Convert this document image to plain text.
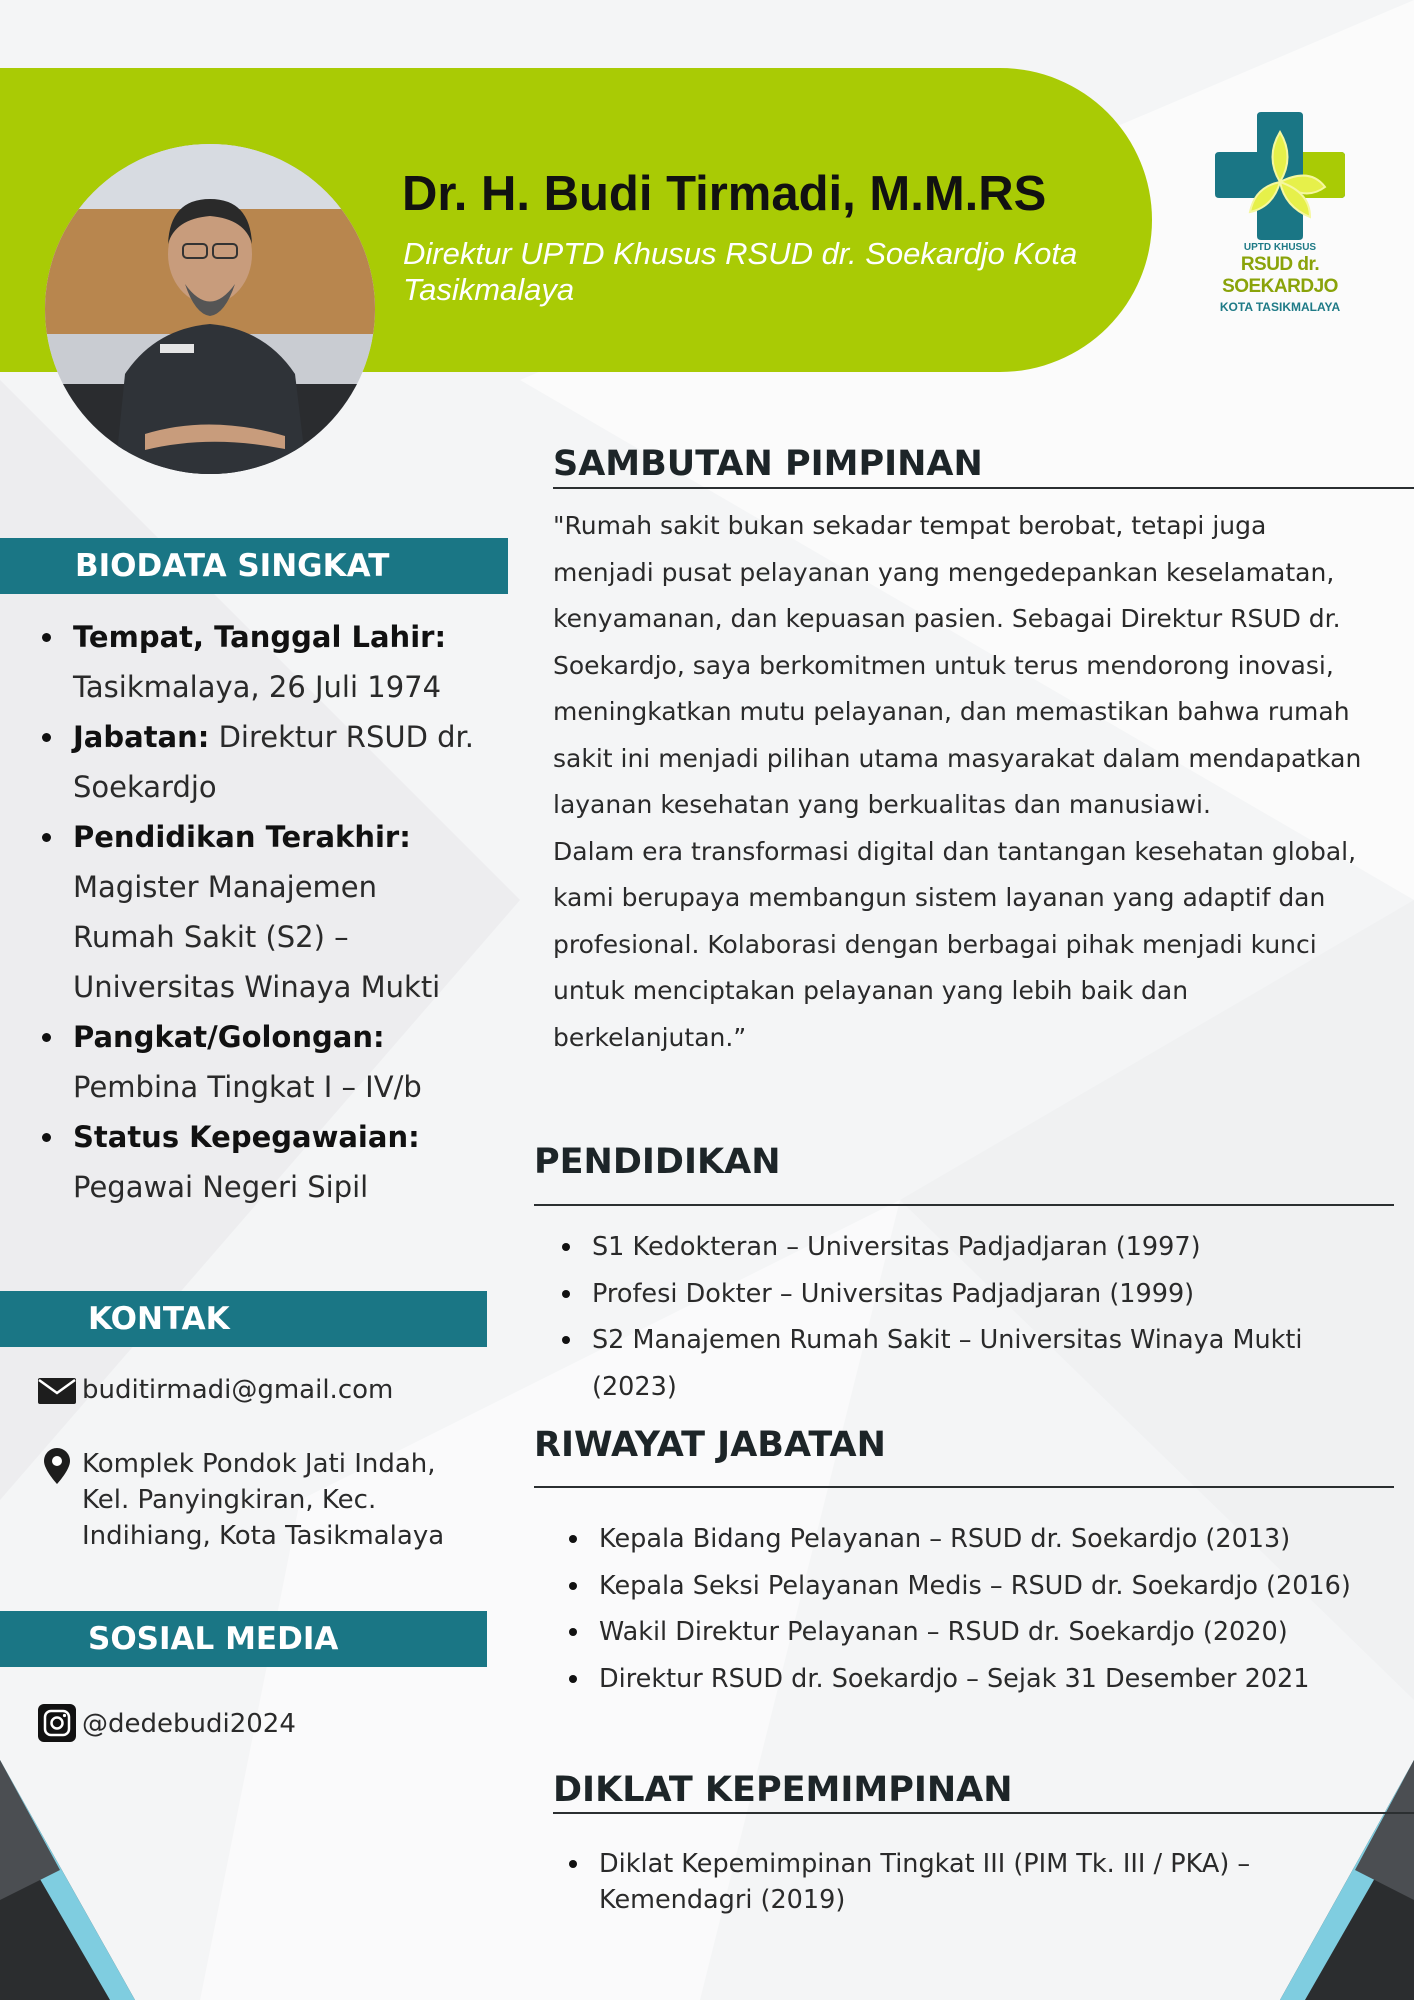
Dr. H. Budi Tirmadi, M.M.RS
Direktur UPTD Khusus RSUD dr. Soekardjo Kota Tasikmalaya
UPTD KHUSUS
RSUD dr. SOEKARDJO
KOTA TASIKMALAYA
BIODATA SINGKAT
Tempat, Tanggal Lahir:
Tasikmalaya, 26 Juli 1974
Jabatan: Direktur RSUD dr. Soekardjo
Pendidikan Terakhir:
Magister Manajemen Rumah Sakit (S2) – Universitas Winaya Mukti
Pangkat/Golongan:
Pembina Tingkat I – IV/b
Status Kepegawaian:
Pegawai Negeri Sipil
KONTAK
buditirmadi@gmail.com
Komplek Pondok Jati Indah, Kel. Panyingkiran, Kec. Indihiang, Kota Tasikmalaya
SOSIAL MEDIA
@dedebudi2024
SAMBUTAN PIMPINAN

"Rumah sakit bukan sekadar tempat berobat, tetapi juga menjadi pusat pelayanan yang mengedepankan keselamatan, kenyamanan, dan kepuasan pasien. Sebagai Direktur RSUD dr. Soekardjo, saya berkomitmen untuk terus mendorong inovasi, meningkatkan mutu pelayanan, dan memastikan bahwa rumah sakit ini menjadi pilihan utama masyarakat dalam mendapatkan layanan kesehatan yang berkualitas dan manusiawi.

Dalam era transformasi digital dan tantangan kesehatan global, kami berupaya membangun sistem layanan yang adaptif dan profesional. Kolaborasi dengan berbagai pihak menjadi kunci untuk menciptakan pelayanan yang lebih baik dan berkelanjutan.”

PENDIDIKAN
S1 Kedokteran – Universitas Padjadjaran (1997)
Profesi Dokter – Universitas Padjadjaran (1999)
S2 Manajemen Rumah Sakit – Universitas Winaya Mukti (2023)
RIWAYAT JABATAN
Kepala Bidang Pelayanan – RSUD dr. Soekardjo (2013)
Kepala Seksi Pelayanan Medis – RSUD dr. Soekardjo (2016)
Wakil Direktur Pelayanan – RSUD dr. Soekardjo (2020)
Direktur RSUD dr. Soekardjo – Sejak 31 Desember 2021
DIKLAT KEPEMIMPINAN
Diklat Kepemimpinan Tingkat III (PIM Tk. III / PKA) – Kemendagri (2019)
